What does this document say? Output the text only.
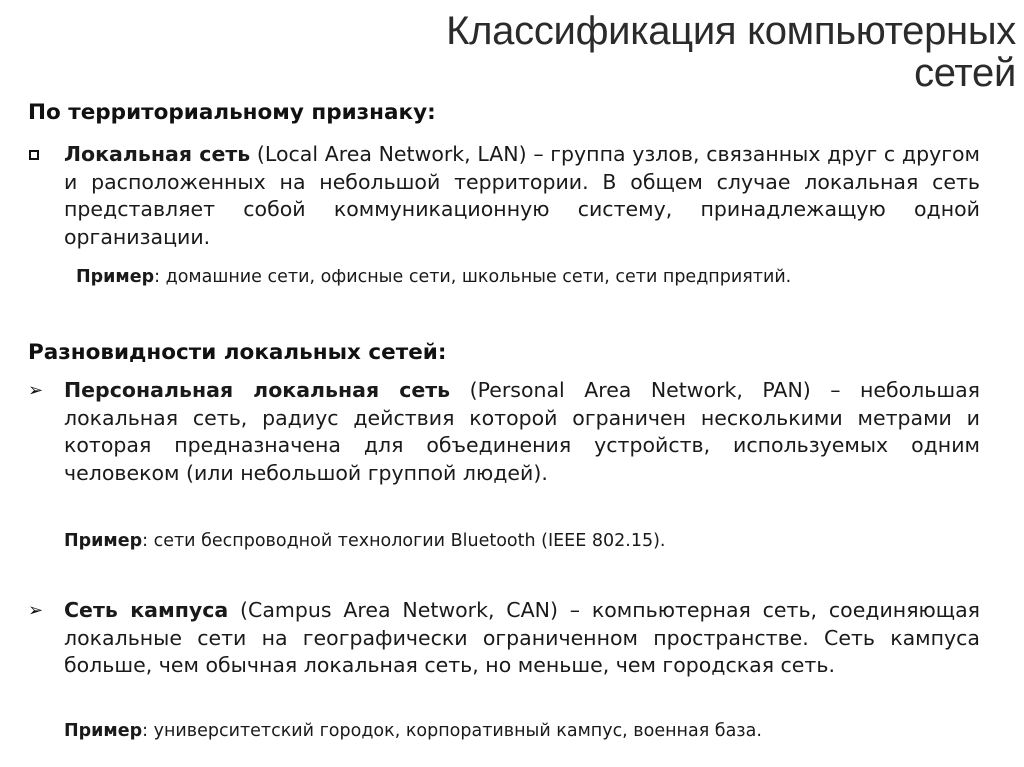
Классификация компьютерных
сетей
По территориальному признаку:
Локальная сеть (Local Area Network, LAN) – группа узлов, связанных друг с другом и расположенных на небольшой территории. В общем случае локальная сеть представляет собой коммуникационную систему, принадлежащую одной организации.
Пример: домашние сети, офисные сети, школьные сети, сети предприятий.
Разновидности локальных сетей:
➢	Персональная локальная сеть (Personal Area Network, PAN) – небольшая локальная сеть, радиус действия которой ограничен несколькими метрами и которая предназначена для объединения устройств, используемых одним человеком (или небольшой группой людей).
Пример: сети беспроводной технологии Bluetooth (IEEE 802.15).
➢	Сеть кампуса (Campus Area Network, CAN) – компьютерная сеть, соединяющая локальные сети на географически ограниченном пространстве. Сеть кампуса больше, чем обычная локальная сеть, но меньше, чем городская сеть.
Пример: университетский городок, корпоративный кампус, военная база.
